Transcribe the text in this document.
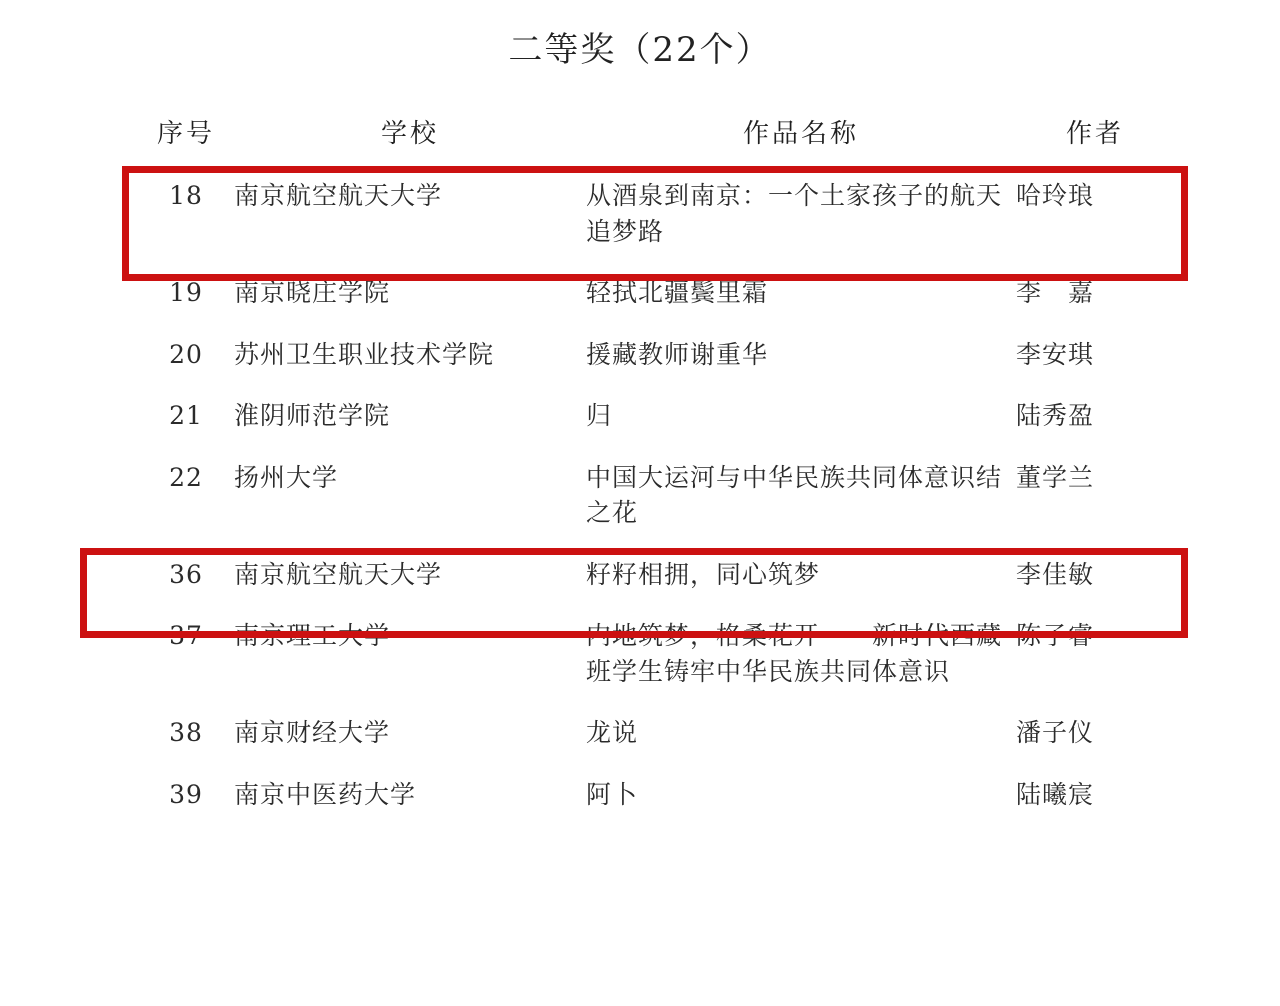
二等奖（22个）
序号	学校	作品名称	作者
18	南京航空航天大学	从酒泉到南京：一个土家孩子的航天追梦路	哈玲琅
19	南京晓庄学院	轻拭北疆鬓里霜	李　嘉
20	苏州卫生职业技术学院	援藏教师谢重华	李安琪
21	淮阴师范学院	归	陆秀盈
22	扬州大学	中国大运河与中华民族共同体意识结之花	董学兰
36	南京航空航天大学	籽籽相拥，同心筑梦	李佳敏
37	南京理工大学	内地筑梦，格桑花开——新时代西藏班学生铸牢中华民族共同体意识	陈子睿
38	南京财经大学	龙说	潘子仪
39	南京中医药大学	阿卜	陆曦宸
